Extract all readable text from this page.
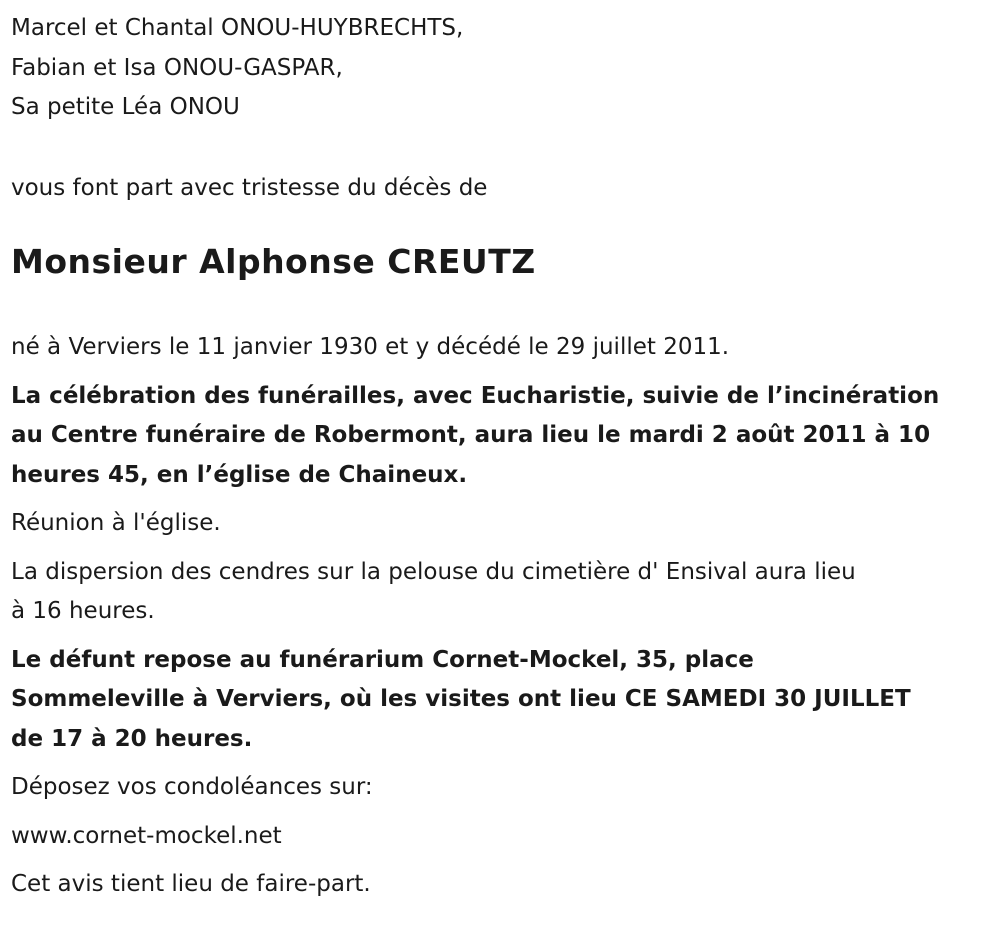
Marcel et Chantal ONOU-HUYBRECHTS,
Fabian et Isa ONOU-GASPAR,
Sa petite Léa ONOU
vous font part avec tristesse du décès de
Monsieur Alphonse CREUTZ

né à Verviers le 11 janvier 1930 et y décédé le 29 juillet 2011.

La célébration des funérailles, avec Eucharistie, suivie de l’incinération
au Centre funéraire de Robermont, aura lieu le mardi 2 août 2011 à 10
heures 45, en l’église de Chaineux.

Réunion à l'église.

La dispersion des cendres sur la pelouse du cimetière d' Ensival aura lieu
à 16 heures.

Le défunt repose au funérarium Cornet-Mockel, 35, place
Sommeleville à Verviers, où les visites ont lieu CE SAMEDI 30 JUILLET
de 17 à 20 heures.

Déposez vos condoléances sur:

www.cornet-mockel.net

Cet avis tient lieu de faire-part.
